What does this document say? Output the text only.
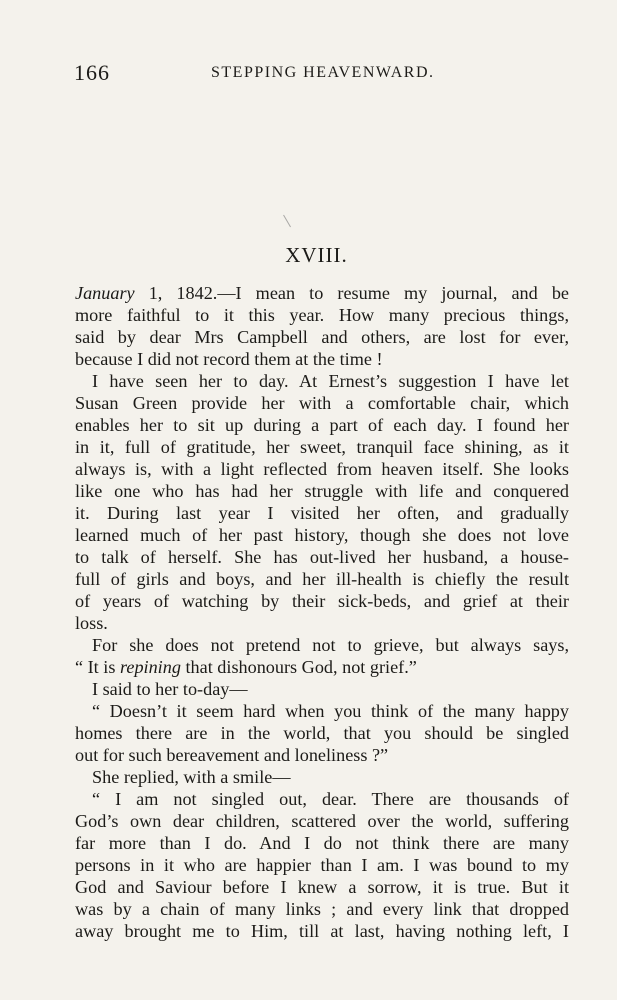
166	STEPPING HEAVENWARD.
XVIII.
January 1, 1842.—I mean to resume my journal, and be
more faithful to it this year. How many precious things,
said by dear Mrs Campbell and others, are lost for ever,
because I did not record them at the time !
I have seen her to day. At Ernest’s suggestion I have let
Susan Green provide her with a comfortable chair, which
enables her to sit up during a part of each day. I found her
in it, full of gratitude, her sweet, tranquil face shining, as it
always is, with a light reflected from heaven itself. She looks
like one who has had her struggle with life and conquered
it. During last year I visited her often, and gradually
learned much of her past history, though she does not love
to talk of herself. She has out-lived her husband, a house-
full of girls and boys, and her ill-health is chiefly the result
of years of watching by their sick-beds, and grief at their
loss.
For she does not pretend not to grieve, but always says,
“ It is repining that dishonours God, not grief.”
I said to her to-day—
“ Doesn’t it seem hard when you think of the many happy
homes there are in the world, that you should be singled
out for such bereavement and loneliness ?”
She replied, with a smile—
“ I am not singled out, dear. There are thousands of
God’s own dear children, scattered over the world, suffering
far more than I do. And I do not think there are many
persons in it who are happier than I am. I was bound to my
God and Saviour before I knew a sorrow, it is true. But it
was by a chain of many links ; and every link that dropped
away brought me to Him, till at last, having nothing left, I
